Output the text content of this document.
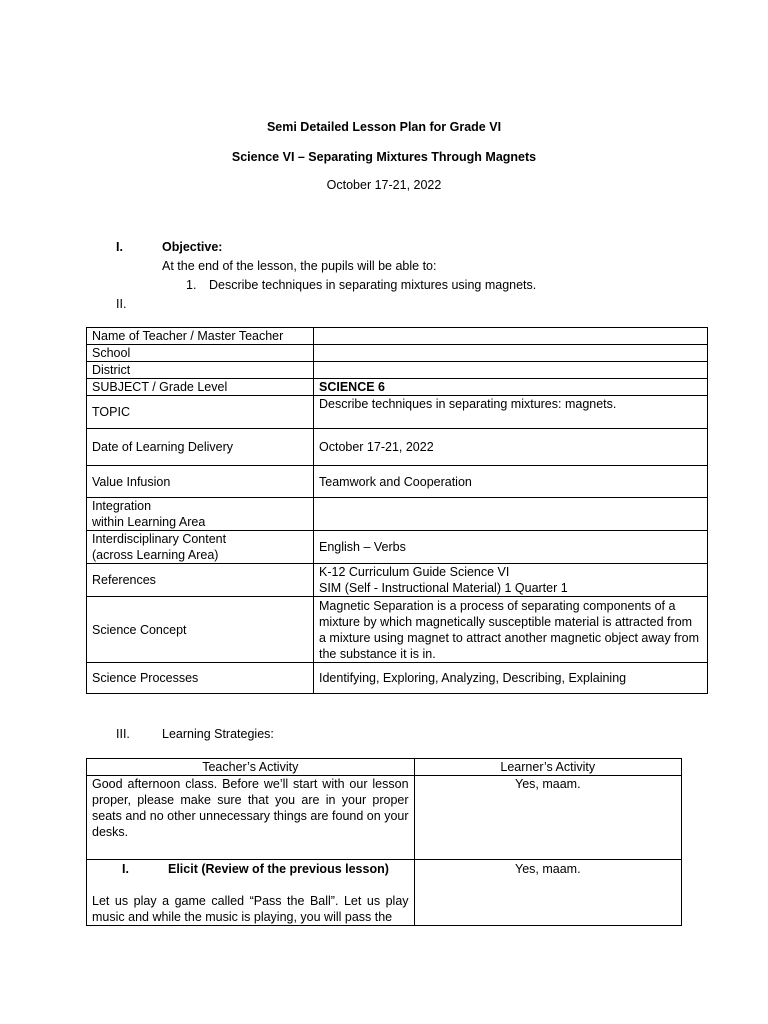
Semi Detailed Lesson Plan for Grade VI
Science VI – Separating Mixtures Through Magnets
October 17-21, 2022
I.	Objective:
At the end of the lesson, the pupils will be able to:
1. Describe techniques in separating mixtures using magnets.
II.
Name of Teacher / Master Teacher	
School	
District	
SUBJECT / Grade Level	SCIENCE 6
TOPIC	Describe techniques in separating mixtures: magnets.
Date of Learning Delivery	October 17-21, 2022
Value Infusion	Teamwork and Cooperation

Integration
within Learning Area	

Interdisciplinary Content
(across Learning Area)	English – Verbs
References	K-12 Curriculum Guide Science VI
SIM (Self - Instructional Material) 1 Quarter 1

Science Concept	Magnetic Separation is a process of separating components of a mixture by which magnetically susceptible material is attracted from a mixture using magnet to attract another magnetic object away from the substance it is in.
Science Processes	Identifying, Exploring, Analyzing, Describing, Explaining
III.	Learning Strategies:
Teacher’s Activity	Learner’s Activity
Good afternoon class. Before we’ll start with our lesson proper, please make sure that you are in your proper seats and no other unnecessary things are found on your desks.	Yes, maam.

I. Elicit (Review of the previous lesson)
Let us play a game called “Pass the Ball”. Let us play music and while the music is playing, you will pass the	Yes, maam.
